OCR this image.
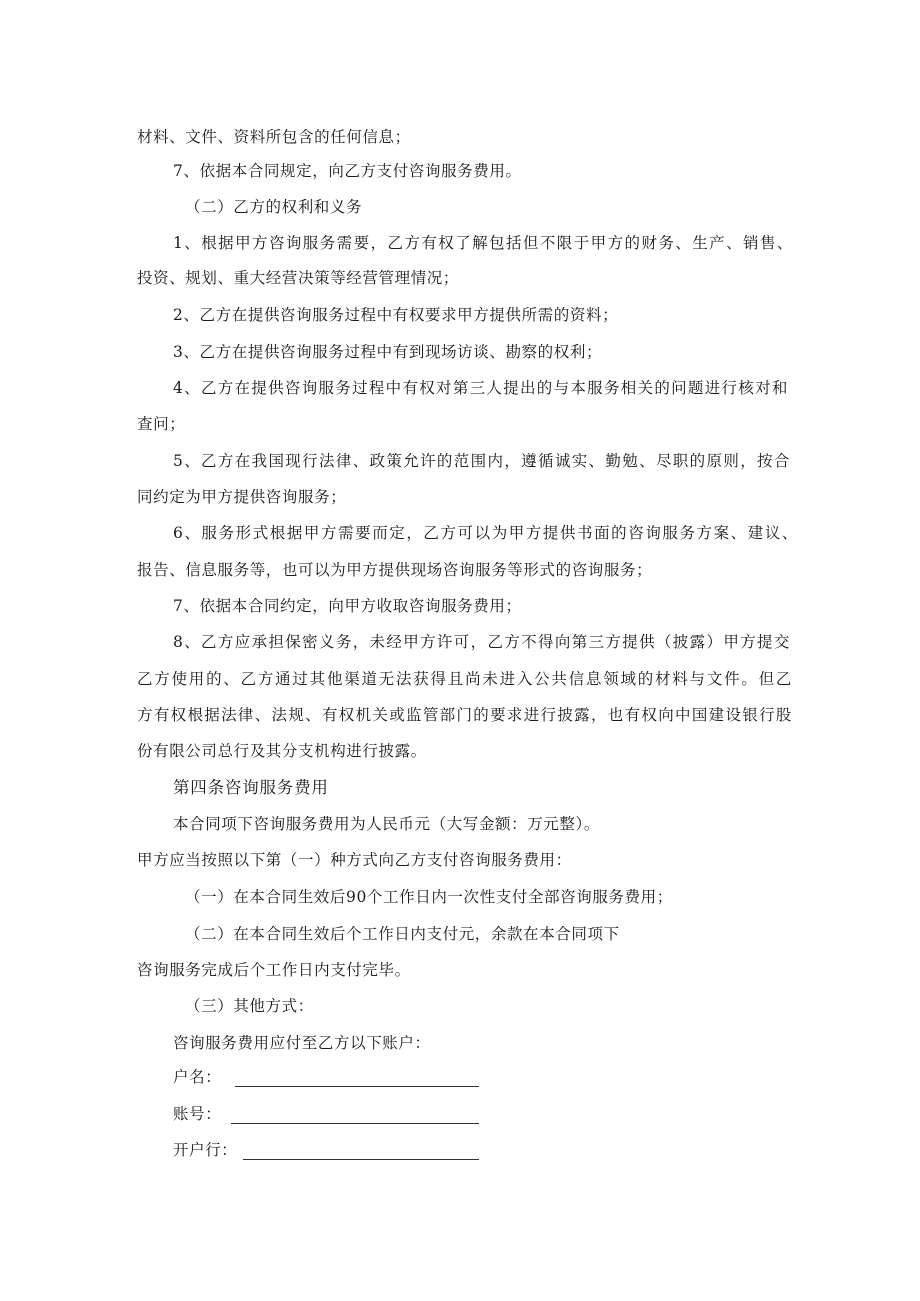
材料、文件、资料所包含的任何信息；

7、依据本合同规定，向乙方支付咨询服务费用。

（二）乙方的权利和义务

1、根据甲方咨询服务需要，乙方有权了解包括但不限于甲方的财务、生产、销售、

投资、规划、重大经营决策等经营管理情况；

2、乙方在提供咨询服务过程中有权要求甲方提供所需的资料；

3、乙方在提供咨询服务过程中有到现场访谈、勘察的权利；

4、乙方在提供咨询服务过程中有权对第三人提出的与本服务相关的问题进行核对和

查问；

5、乙方在我国现行法律、政策允许的范围内，遵循诚实、勤勉、尽职的原则，按合

同约定为甲方提供咨询服务；

6、服务形式根据甲方需要而定，乙方可以为甲方提供书面的咨询服务方案、建议、

报告、信息服务等，也可以为甲方提供现场咨询服务等形式的咨询服务；

7、依据本合同约定，向甲方收取咨询服务费用；

8、乙方应承担保密义务，未经甲方许可，乙方不得向第三方提供（披露）甲方提交

乙方使用的、乙方通过其他渠道无法获得且尚未进入公共信息领域的材料与文件。但乙

方有权根据法律、法规、有权机关或监管部门的要求进行披露，也有权向中国建设银行股

份有限公司总行及其分支机构进行披露。

第四条咨询服务费用

本合同项下咨询服务费用为人民币元（大写金额：万元整）。

甲方应当按照以下第（一）种方式向乙方支付咨询服务费用：

（一）在本合同生效后90个工作日内一次性支付全部咨询服务费用；

（二）在本合同生效后个工作日内支付元，余款在本合同项下

咨询服务完成后个工作日内支付完毕。

（三）其他方式：

咨询服务费用应付至乙方以下账户：

户名：
账号：
开户行：
